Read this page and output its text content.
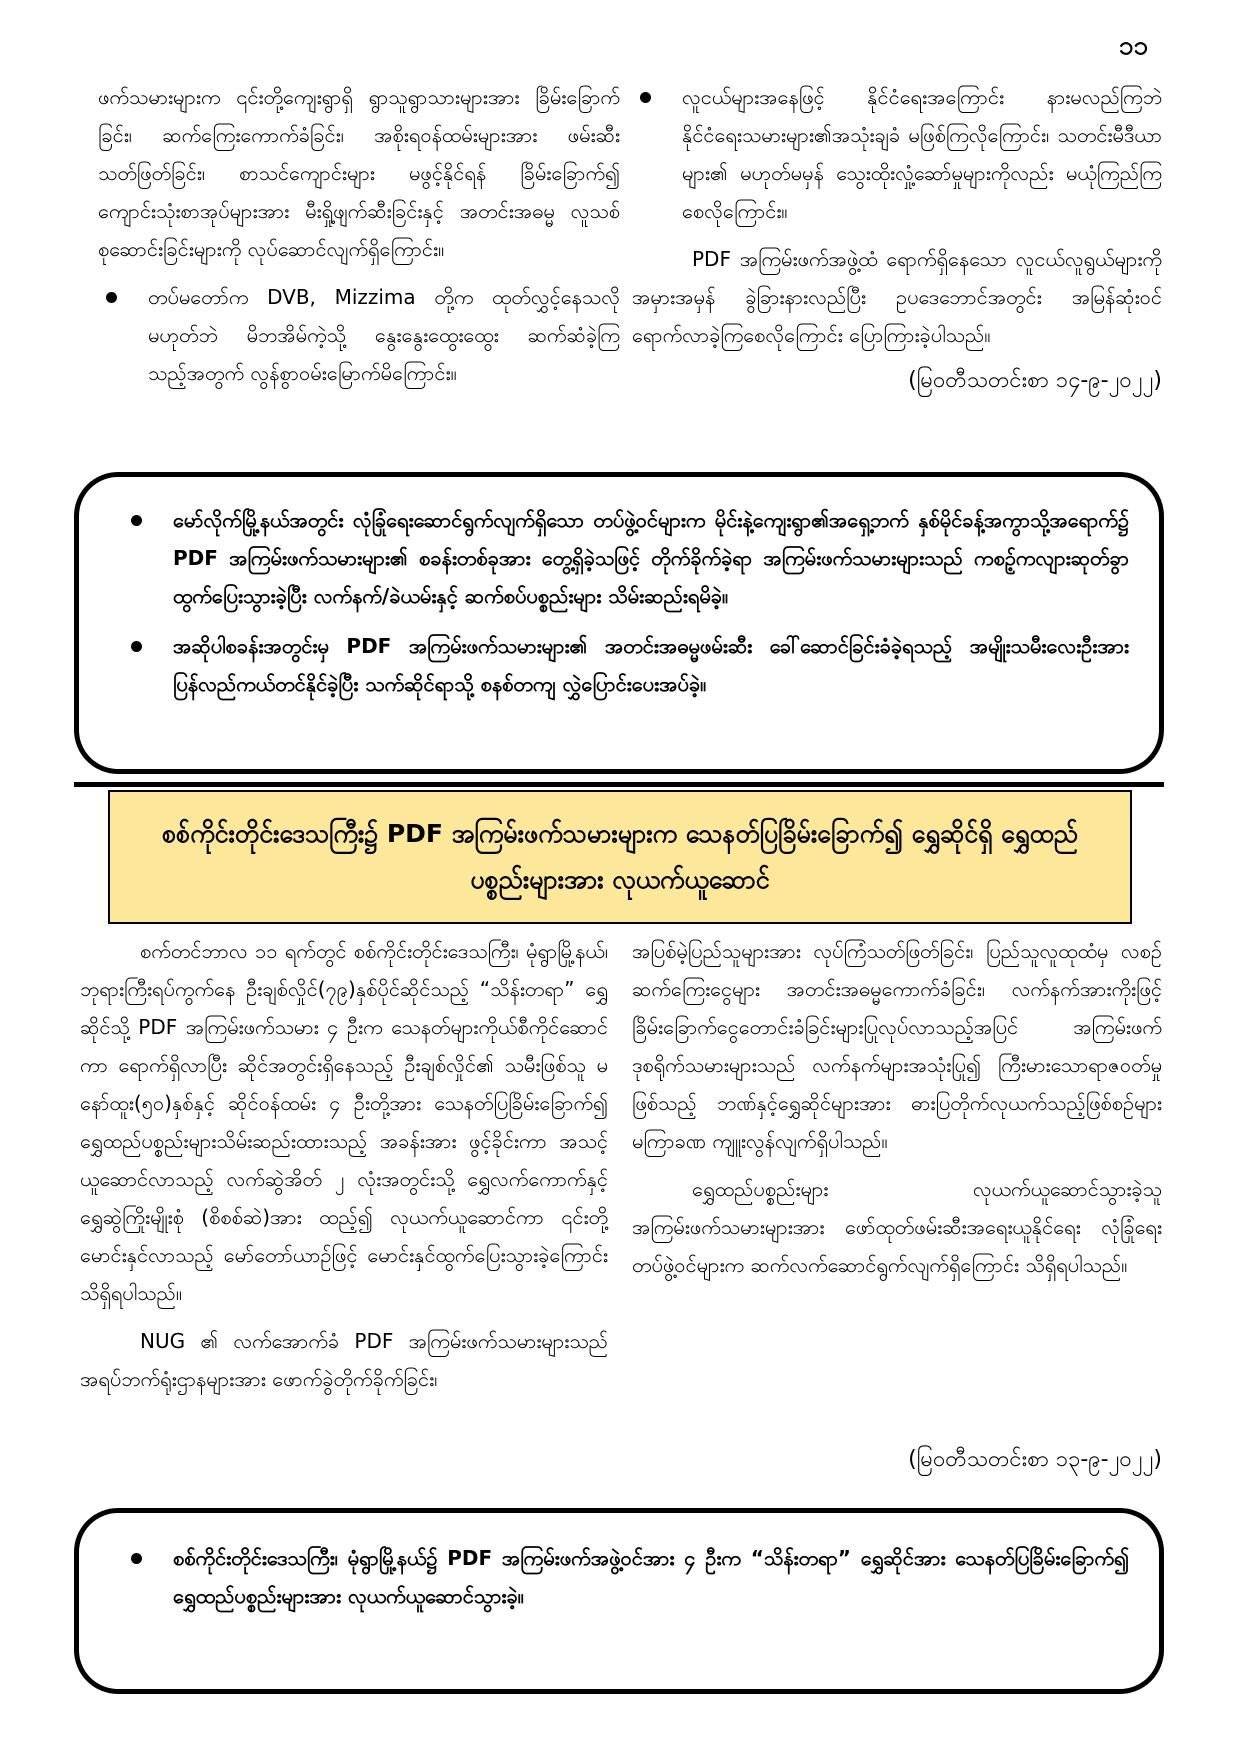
၁၁

ဖက်သမားများက ၎င်းတို့ကျေးရွာရှိ ရွာသူရွာသားများအား ခြိမ်းခြောက်ခြင်း၊ ဆက်ကြေးကောက်ခံခြင်း၊ အစိုးရဝန်ထမ်းများအား ဖမ်းဆီးသတ်ဖြတ်ခြင်း၊ စာသင်ကျောင်းများ မဖွင့်နိုင်ရန် ခြိမ်းခြောက်၍ ကျောင်းသုံးစာအုပ်များအား မီးရှို့ဖျက်ဆီးခြင်းနှင့် အတင်းအဓမ္မ လူသစ်စုဆောင်းခြင်းများကို လုပ်ဆောင်လျက်ရှိကြောင်း။

တပ်မတော်က DVB, Mizzima တို့က ထုတ်လွှင့်နေသလို မဟုတ်ဘဲ မိဘအိမ်ကဲ့သို့ နွေးနွေးထွေးထွေး ဆက်ဆံခဲ့ကြသည့်အတွက် လွန်စွာဝမ်းမြောက်မိကြောင်း။
လူငယ်များအနေဖြင့် နိုင်ငံရေးအကြောင်း နားမလည်ကြဘဲ နိုင်ငံရေးသမားများ၏အသုံးချခံ မဖြစ်ကြလိုကြောင်း၊ သတင်းမီဒီယာများ၏ မဟုတ်မမှန် သွေးထိုးလှုံ့ဆော်မှုများကိုလည်း မယုံကြည်ကြစေလိုကြောင်း။

PDF အကြမ်းဖက်အဖွဲ့ထံ ရောက်ရှိနေသော လူငယ်လူရွယ်များကို အမှားအမှန် ခွဲခြားနားလည်ပြီး ဥပဒေဘောင်အတွင်း အမြန်ဆုံးဝင်ရောက်လာခဲ့ကြစေလိုကြောင်း ပြောကြားခဲ့ပါသည်။

(မြဝတီသတင်းစာ ၁၄-၉-၂၀၂၂)
မော်လိုက်မြို့နယ်အတွင်း လုံခြုံရေးဆောင်ရွက်လျက်ရှိသော တပ်ဖွဲ့ဝင်များက မိုင်းနဲ့ကျေးရွာ၏အရှေ့ဘက် နှစ်မိုင်ခန့်အကွာသို့အရောက်၌ PDF အကြမ်းဖက်သမားများ၏ စခန်းတစ်ခုအား တွေ့ရှိခဲ့သဖြင့် တိုက်ခိုက်ခဲ့ရာ အကြမ်းဖက်သမားများသည် ကစဉ့်ကလျားဆုတ်ခွာ ထွက်ပြေးသွားခဲ့ပြီး လက်နက်/ခဲယမ်းနှင့် ဆက်စပ်ပစ္စည်းများ သိမ်းဆည်းရမိခဲ့။
အဆိုပါစခန်းအတွင်းမှ PDF အကြမ်းဖက်သမားများ၏ အတင်းအဓမ္မဖမ်းဆီး ခေါ်ဆောင်ခြင်းခံခဲ့ရသည့် အမျိုးသမီးလေးဦးအား ပြန်လည်ကယ်တင်နိုင်ခဲ့ပြီး သက်ဆိုင်ရာသို့ စနစ်တကျ လွှဲပြောင်းပေးအပ်ခဲ့။
စစ်ကိုင်းတိုင်းဒေသကြီး၌ PDF အကြမ်းဖက်သမားများက သေနတ်ပြခြိမ်းခြောက်၍ ရွှေဆိုင်ရှိ ရွှေထည်ပစ္စည်းများအား လုယက်ယူဆောင်

စက်တင်ဘာလ ၁၁ ရက်တွင် စစ်ကိုင်းတိုင်းဒေသကြီး၊ မုံရွာမြို့နယ်၊ ဘုရားကြီးရပ်ကွက်နေ ဦးချစ်လှိုင်(၇၉)နှစ်ပိုင်ဆိုင်သည့် “သိန်းတရာ” ရွှေဆိုင်သို့ PDF အကြမ်းဖက်သမား ၄ ဦးက သေနတ်များကိုယ်စီကိုင်ဆောင်ကာ ရောက်ရှိလာပြီး ဆိုင်အတွင်းရှိနေသည့် ဦးချစ်လှိုင်၏ သမီးဖြစ်သူ မနော်ထူး(၅၀)နှစ်နှင့် ဆိုင်ဝန်ထမ်း ၄ ဦးတို့အား သေနတ်ပြခြိမ်းခြောက်၍ ရွှေထည်ပစ္စည်းများသိမ်းဆည်းထားသည့် အခန်းအား ဖွင့်ခိုင်းကာ အသင့်ယူဆောင်လာသည့် လက်ဆွဲအိတ် ၂ လုံးအတွင်းသို့ ရွှေလက်ကောက်နှင့် ရွှေဆွဲကြိုးမျိုးစုံ (စိစစ်ဆဲ)အား ထည့်၍ လုယက်ယူဆောင်ကာ ၎င်းတို့မောင်းနှင်လာသည့် မော်တော်ယာဉ်ဖြင့် မောင်းနှင်ထွက်ပြေးသွားခဲ့ကြောင်း သိရှိရပါသည်။

NUG ၏ လက်အောက်ခံ PDF အကြမ်းဖက်သမားများသည် အရပ်ဘက်ရုံးဌာနများအား ဖောက်ခွဲတိုက်ခိုက်ခြင်း၊

အပြစ်မဲ့ပြည်သူများအား လုပ်ကြံသတ်ဖြတ်ခြင်း၊ ပြည်သူလူထုထံမှ လစဉ်ဆက်ကြေးငွေများ အတင်းအဓမ္မကောက်ခံခြင်း၊ လက်နက်အားကိုးဖြင့် ခြိမ်းခြောက်ငွေတောင်းခံခြင်းများပြုလုပ်လာသည့်အပြင် အကြမ်းဖက်ဒုစရိုက်သမားများသည် လက်နက်များအသုံးပြု၍ ကြီးမားသောရာဇဝတ်မှုဖြစ်သည့် ဘဏ်နှင့်ရွှေဆိုင်များအား ဓားပြတိုက်လုယက်သည့်ဖြစ်စဉ်များ မကြာခဏ ကျူးလွန်လျက်ရှိပါသည်။

ရွှေထည်ပစ္စည်းများ လုယက်ယူဆောင်သွားခဲ့သူ အကြမ်းဖက်သမားများအား ဖော်ထုတ်ဖမ်းဆီးအရေးယူနိုင်ရေး လုံခြုံရေးတပ်ဖွဲ့ဝင်များက ဆက်လက်ဆောင်ရွက်လျက်ရှိကြောင်း သိရှိရပါသည်။

(မြဝတီသတင်းစာ ၁၃-၉-၂၀၂၂)
စစ်ကိုင်းတိုင်းဒေသကြီး၊ မုံရွာမြို့နယ်၌ PDF အကြမ်းဖက်အဖွဲ့ဝင်အား ၄ ဦးက “သိန်းတရာ” ရွှေဆိုင်အား သေနတ်ပြခြိမ်းခြောက်၍ ရွှေထည်ပစ္စည်းများအား လုယက်ယူဆောင်သွားခဲ့။
